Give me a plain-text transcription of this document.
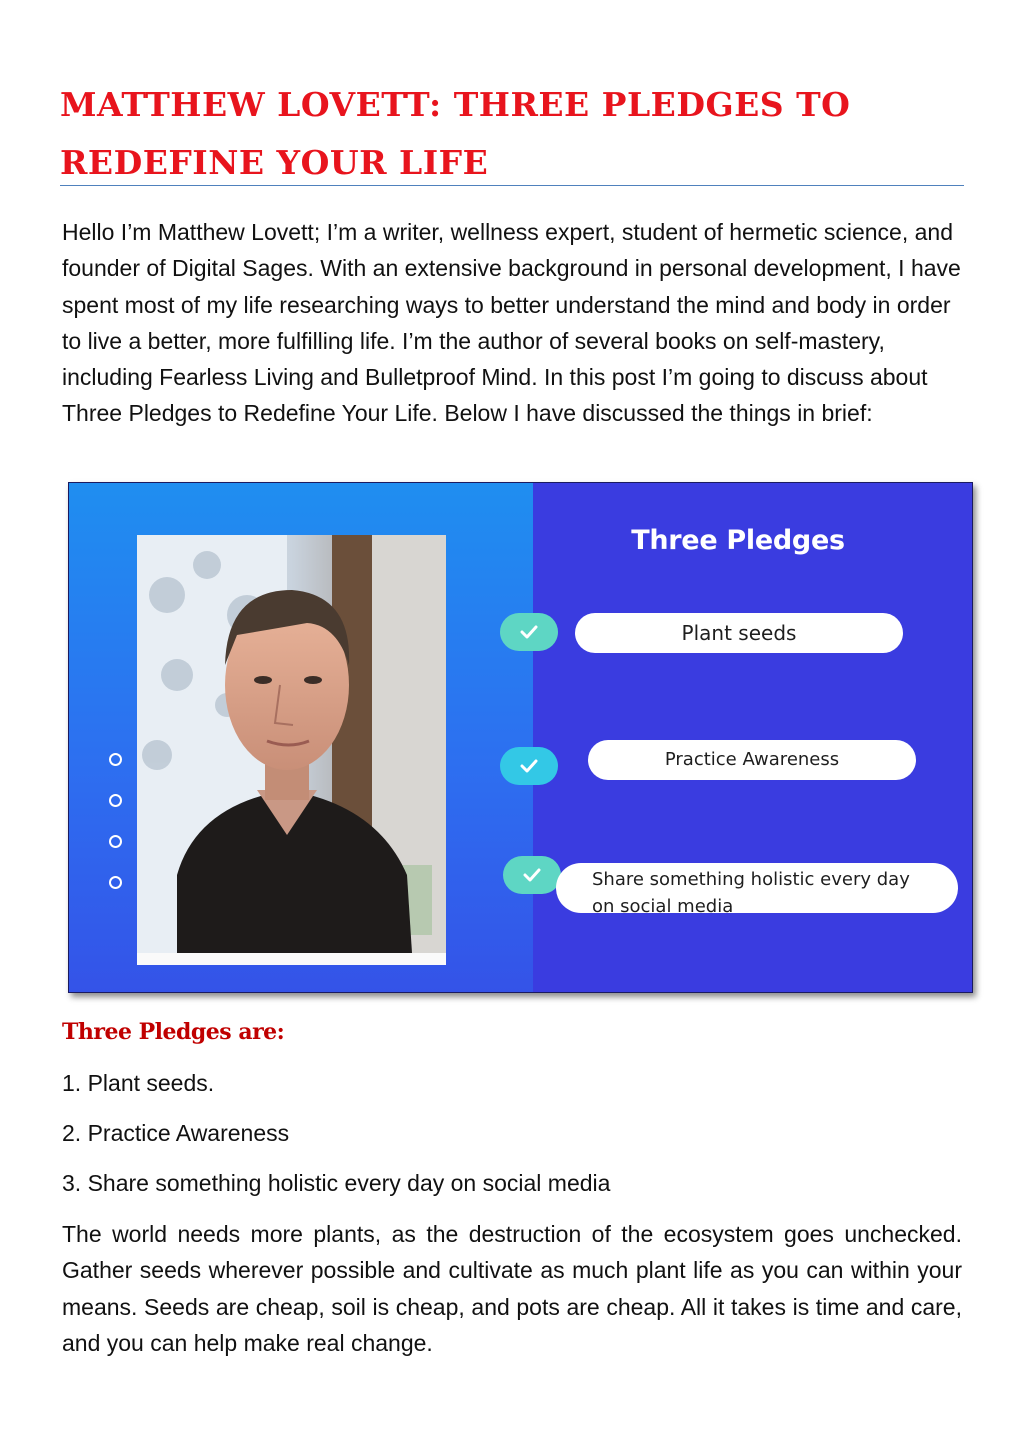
MATTHEW LOVETT: THREE PLEDGES TO REDEFINE YOUR LIFE

Hello I’m Matthew Lovett; I’m a writer, wellness expert, student of hermetic science, and founder of Digital Sages. With an extensive background in personal development, I have spent most of my life researching ways to better understand the mind and body in order to live a better, more fulfilling life. I’m the author of several books on self-mastery, including Fearless Living and Bulletproof Mind. In this post I’m going to discuss about Three Pledges to Redefine Your Life. Below I have discussed the things in brief:

Three Pledges
Plant seeds
Practice Awareness
Share something holistic every day on social media
Three Pledges are:
1. Plant seeds.
2. Practice Awareness
3. Share something holistic every day on social media

The world needs more plants, as the destruction of the ecosystem goes unchecked. Gather seeds wherever possible and cultivate as much plant life as you can within your means. Seeds are cheap, soil is cheap, and pots are cheap. All it takes is time and care, and you can help make real change.
